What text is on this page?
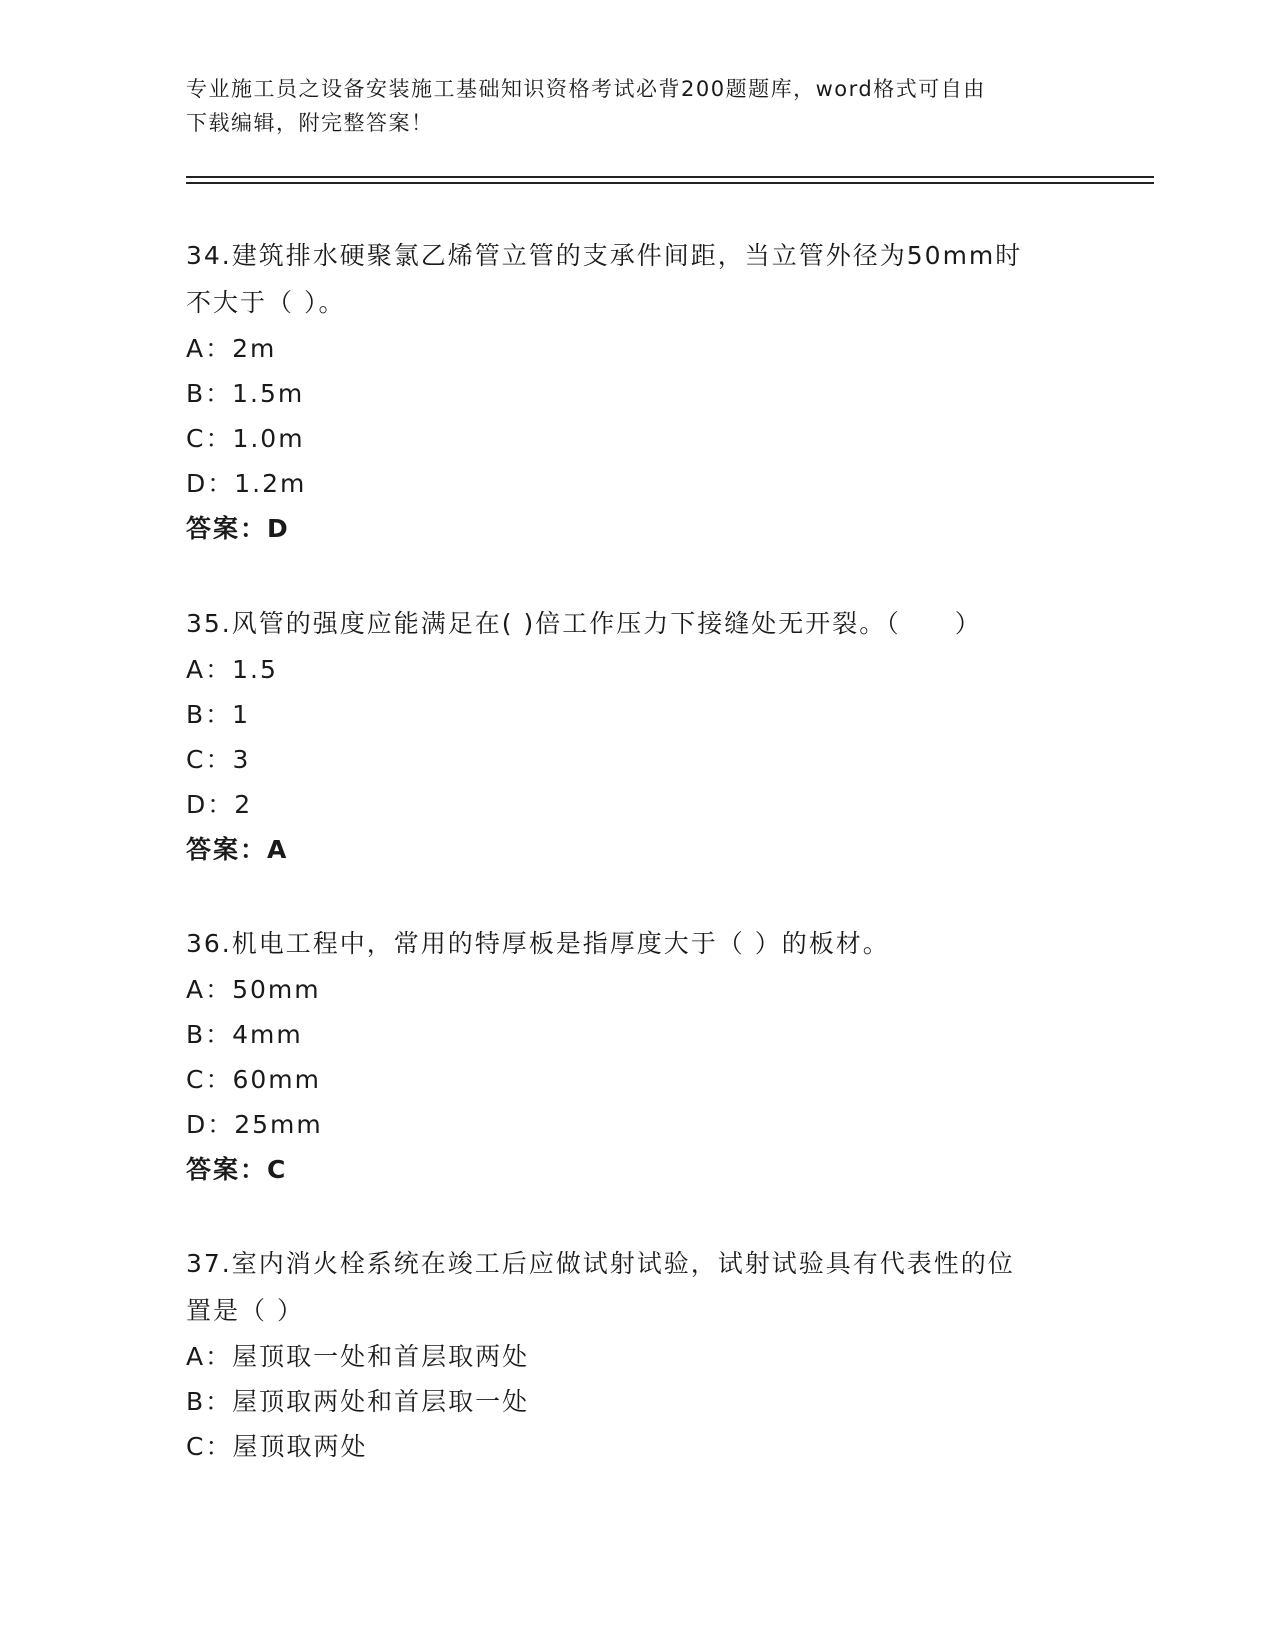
专业施工员之设备安装施工基础知识资格考试必背200题题库，word格式可自由
下载编辑，附完整答案！
34.建筑排水硬聚氯乙烯管立管的支承件间距，当立管外径为50mm时
不大于（ ）。
A：2m
B：1.5m
C：1.0m
D：1.2m
答案：D
35.风管的强度应能满足在( )倍工作压力下接缝处无开裂。（　　）
A：1.5
B：1
C：3
D：2
答案：A
36.机电工程中，常用的特厚板是指厚度大于（ ）的板材。
A：50mm
B：4mm
C：60mm
D：25mm
答案：C
37.室内消火栓系统在竣工后应做试射试验，试射试验具有代表性的位
置是（ ）
A：屋顶取一处和首层取两处
B：屋顶取两处和首层取一处
C：屋顶取两处
